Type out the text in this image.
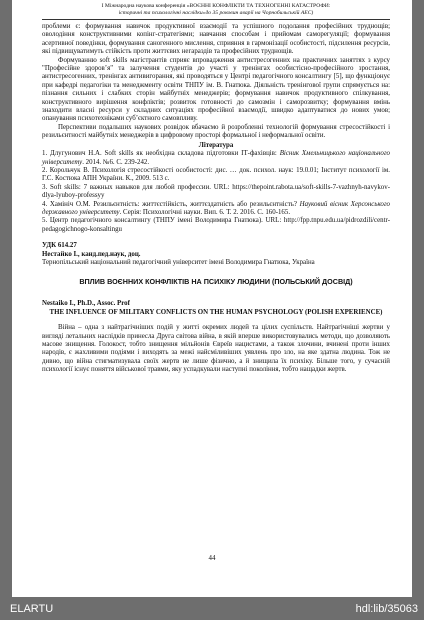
І Міжнародна наукова конференція «ВОЄННІ КОНФЛІКТИ ТА ТЕХНОГЕННІ КАТАСТРОФИ:
історичні та психологічні наслідки»до 35 роковин аварії на Чорнобильській АЕС)

проблеми є: формування навичок продуктивної взаємодії та успішного подолання професійних труднощів; оволодіння конструктивними копінг-стратегіями; навчання способам і прийомам саморегуляції; формування асертивної поведінки, формування саногенного мислення, сприяння в гармонізації особистості, підсилення ресурсів, які підвищуватимуть стійкість проти життєвих негараздів та професійних труднощів.

Формуванню soft skills магістрантів сприяє впровадження антистресогенних на практичних заняттях з курсу "Професійне здоров’я" та залучення студентів до участі у тренінгах особистісно-професійного зростання, антистресогенних, тренінгах антивигорання, які проводяться у Центрі педагогічного консалтингу [5], що функціонує при кафедрі педагогіки та менеджменту освіти ТНПУ ім. В. Гнатюка. Діяльність тренінгової групи спрямується на: пізнання сильних і слабких сторін майбутніх менеджерів; формування навичок продуктивного спілкування, конструктивного вирішення конфліктів; розвиток готовності до самозмін і саморозвитку; формування вмінь знаходити власні ресурси у складних ситуаціях професійної взаємодії, швидко адаптуватися до нових умов; опанування психотехніками суб’єктного самовпливу.

Перспективи подальших наукових розвідок вбачаємо й розробленні технологій формування стресостійкості і резильєнтності майбутніх менеджерів в цифровому просторі формальної і неформальної освіти.

Література

1. Длугунович Н.А. Soft skills як необхідна складова підготовки ІТ-фахівців: Вісник Хмельницького національного університету. 2014. №6. С. 239-242.

2. Корольчук В. Психологія стресостійкості особистості: дис. … док. психол. наук: 19.0.01; Інститут психології ім. Г.С. Костюка АПН України. К., 2009. 513 с.

3. Soft skills: 7 важных навыков для любой профессии. URL: https://theрoint.rabota.ua/soft-skills-7-vazhnyh-navykov-dlya-lyuboy-professyy

4. Хамініч О.М. Резильєнтність: життєстійкість, життєздатність або резильєнтність? Науковий вісник Херсонського державного університету. Серія: Психологічні науки. Вип. 6. Т. 2. 2016. С. 160-165.

5. Центр педагогічного консалтингу (ТНПУ імені Володимира Гнатюка). URL: http://fpp.tnpu.edu.ua/pidrozdili/centr-pedagogichnogo-konsaltingu

УДК 614.27
Нестайко І., канд.пед.наук, доц.
Тернопільський національний педагогічний університет імені Володимира Гнатюка, Україна
ВПЛИВ ВОЄННИХ КОНФЛІКТІВ НА ПСИХІКУ ЛЮДИНИ (ПОЛЬСЬКИЙ ДОСВІД)
Nestaiko I., Ph.D., Assoc. Prof
THE INFLUENCE OF MILITARY CONFLICTS ON THE HUMAN PSYCHOLOGY (POLISH EXPERIENCE)

Війна – одна з найтрагічніших подій у житті окремих людей та цілих суспільств. Найтрагічніші жертви у вигляді летальних наслідків принесла Друга світова війна, в якій вперше використовувались методи, що дозволяють масове знищення. Голокост, тобто знищення мільйонів Євреїв нацистами, а також злочини, вчинені проти інших народів, є жахливими подіями і виходять за межі найсміливіших уявлень про зло, на яке здатна людина. Тож не дивно, що війна стигматизувала своїх жертв не лише фізично, а й знищила їх психіку. Більше того, у сучасній психології існує поняття військової травми, яку успадкували наступні покоління, тобто нащадки жертв.

44
ELARTU	hdl:lib/35063
